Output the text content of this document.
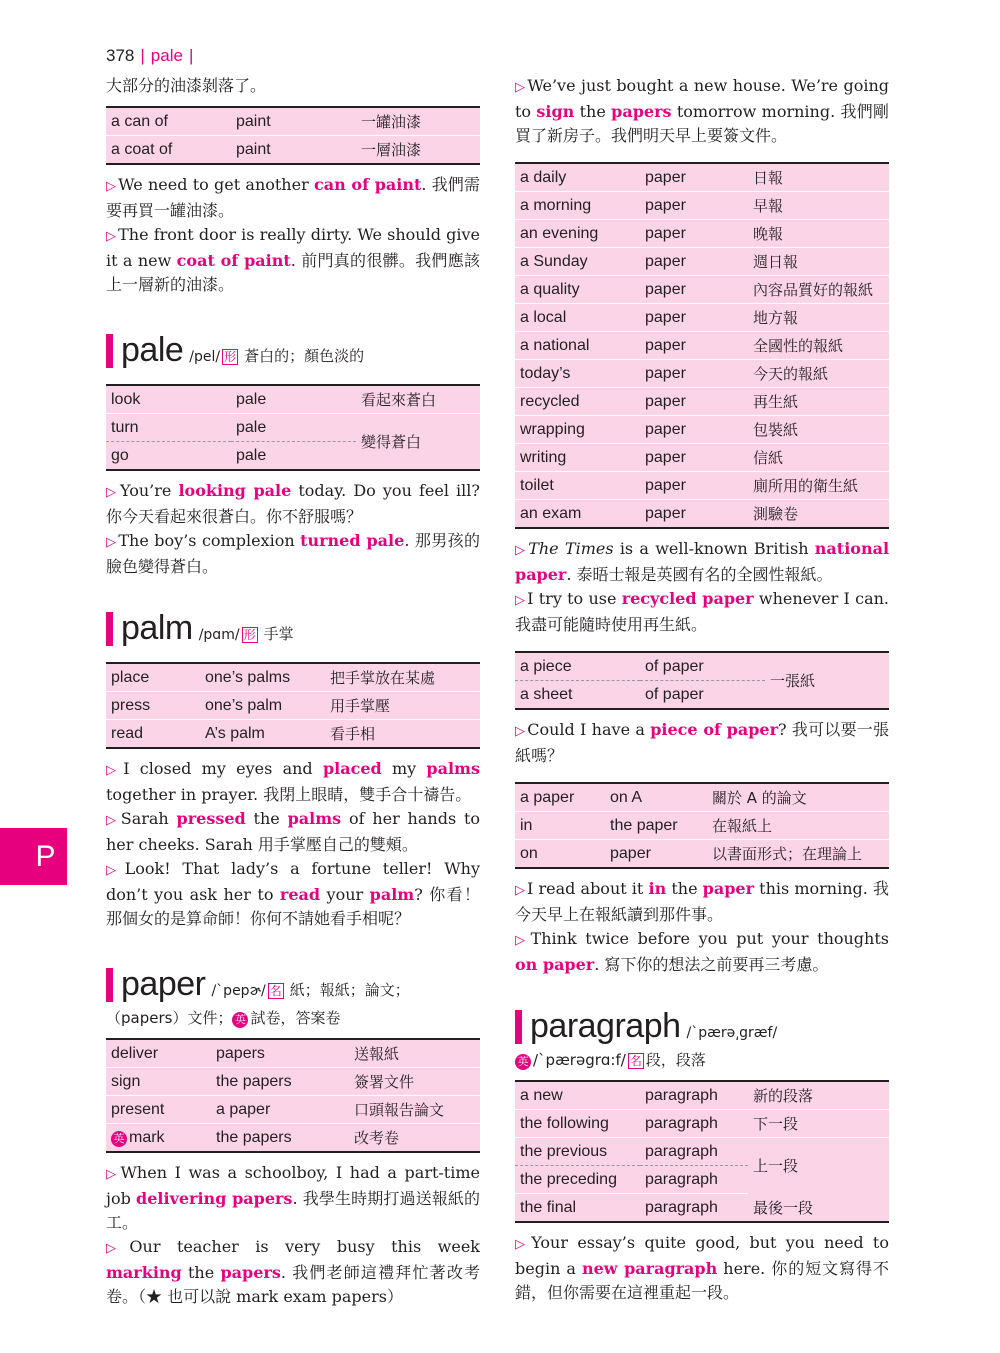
378 | pale |
P

大部分的油漆剝落了。

a can of	paint	一罐油漆
a coat of	paint	一層油漆

▷ We need to get another can of paint. 我們需要再買一罐油漆。

▷ The front door is really dirty. We should give it a new coat of paint. 前門真的很髒。我們應該上一層新的油漆。

pale /pel/ 形 蒼白的；顏色淡的
look	pale	看起來蒼白
turn	pale	變得蒼白
go	pale	

▷ You’re looking pale today. Do you feel ill? 你今天看起來很蒼白。你不舒服嗎？

▷ The boy’s complexion turned pale. 那男孩的臉色變得蒼白。

palm /pɑm/ 形 手掌
place	one’s palms	把手掌放在某處
press	one’s palm	用手掌壓
read	A’s palm	看手相

▷ I closed my eyes and placed my palms together in prayer. 我閉上眼睛，雙手合十禱告。

▷ Sarah pressed the palms of her hands to her cheeks. Sarah 用手掌壓自己的雙頰。

▷ Look! That lady’s a fortune teller! Why don’t you ask her to read your palm? 你看！那個女的是算命師！你何不請她看手相呢？

paper /ˋpepɚ/ 名 紙；報紙；論文；
（papers）文件； 英 試卷，答案卷
deliver	papers	送報紙
sign	the papers	簽署文件
present	a paper	口頭報告論文
英 mark	the papers	改考卷

▷ When I was a schoolboy, I had a part-time job delivering papers. 我學生時期打過送報紙的工。

▷ Our teacher is very busy this week marking the papers. 我們老師這禮拜忙著改考卷。（★ 也可以說 mark exam papers）

▷ We’ve just bought a new house. We’re going to sign the papers tomorrow morning. 我們剛買了新房子。我們明天早上要簽文件。

a daily	paper	日報
a morning	paper	早報
an evening	paper	晚報
a Sunday	paper	週日報
a quality	paper	內容品質好的報紙
a local	paper	地方報
a national	paper	全國性的報紙
today’s	paper	今天的報紙
recycled	paper	再生紙
wrapping	paper	包裝紙
writing	paper	信紙
toilet	paper	廁所用的衛生紙
an exam	paper	測驗卷

▷ The Times is a well-known British national paper. 泰晤士報是英國有名的全國性報紙。

▷ I try to use recycled paper whenever I can. 我盡可能隨時使用再生紙。

a piece	of paper	一張紙
a sheet	of paper	

▷ Could I have a piece of paper? 我可以要一張紙嗎？

a paper	on A	關於 A 的論文
in	the paper	在報紙上
on	paper	以書面形式；在理論上

▷ I read about it in the paper this morning. 我今天早上在報紙讀到那件事。

▷ Think twice before you put your thoughts on paper. 寫下你的想法之前要再三考慮。

paragraph /ˋpærə͵græf/
英 /ˋpærəgrɑ:f/ 名 段，段落
a new	paragraph	新的段落
the following	paragraph	下一段
the previous	paragraph	上一段
the preceding	paragraph	
the final	paragraph	最後一段

▷ Your essay’s quite good, but you need to begin a new paragraph here. 你的短文寫得不錯，但你需要在這裡重起一段。
